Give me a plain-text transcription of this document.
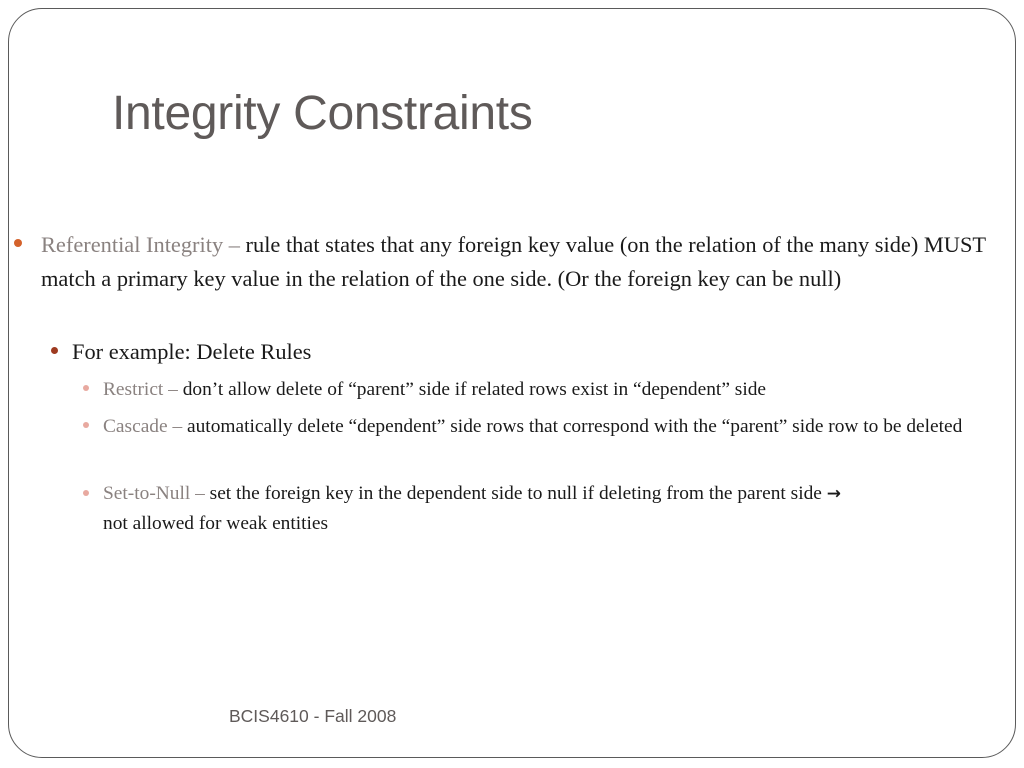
Integrity Constraints
Referential Integrity – rule that states that any foreign key value (on the relation of the many side) MUST match a primary key value in the relation of the one side. (Or the foreign key can be null)
For example: Delete Rules
Restrict – don’t allow delete of “parent” side if related rows exist in “dependent” side
Cascade – automatically delete “dependent” side rows that correspond with the “parent” side row to be deleted
Set-to-Null – set the foreign key in the dependent side to null if deleting from the parent side →
not allowed for weak entities
BCIS4610 - Fall 2008
